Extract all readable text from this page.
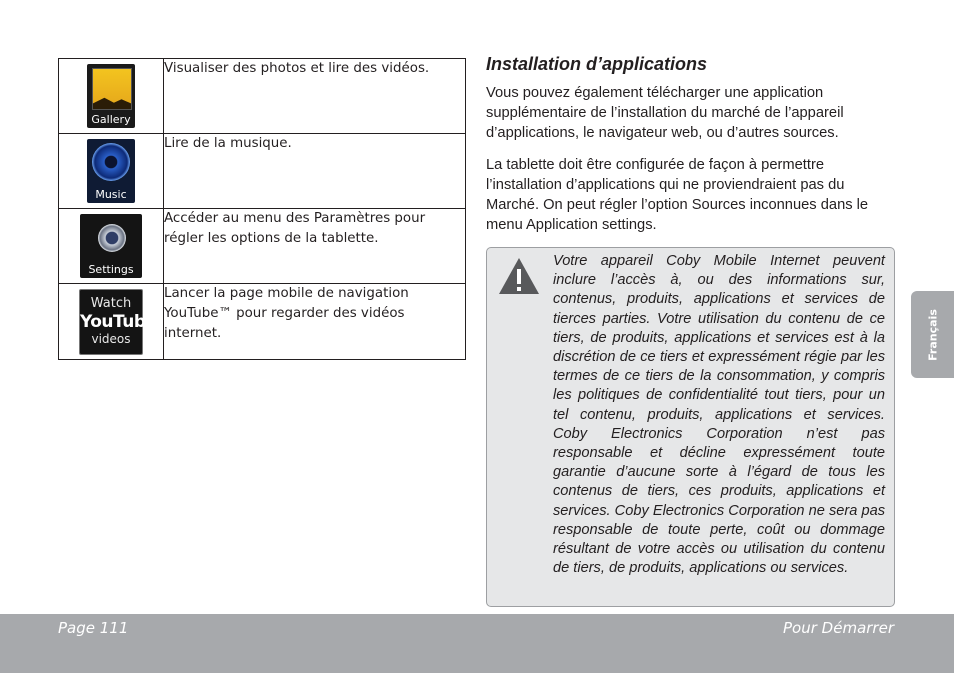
Gallery	Visualiser des photos et lire des vidéos.

Music	Lire de la musique.

Settings	Accéder au menu des Paramètres pour régler les options de la tablette.

Watch
YouTube
videos	Lancer la page mobile de navigation YouTube™ pour regarder des vidéos internet.
Installation d’applications

Vous pouvez également télécharger une application supplémentaire de l’installation du marché de l’appareil d’applications, le navigateur web, ou d’autres sources.

La tablette doit être configurée de façon à permettre l’installation d’applications qui ne proviendraient pas du Marché. On peut régler l’option Sources inconnues dans le menu Application settings.

Votre appareil Coby Mobile Internet peuvent inclure l’accès à, ou des informations sur, contenus, produits, applications et services de tierces parties. Votre utilisation du contenu de ce tiers, de produits, applications et services est à la discrétion de ce tiers et expressément régie par les termes de ce tiers de la consommation, y compris les politiques de confidentialité tout tiers, pour un tel contenu, produits, applications et services. Coby Electronics Corporation n’est pas responsable et décline expressément toute garantie d’aucune sorte à l’égard de tous les contenus de tiers, ces produits, applications et services. Coby Electronics Corporation ne sera pas responsable de toute perte, coût ou dommage résultant de votre accès ou utilisation du contenu de tiers, de produits, applications ou services.

Français
Page 111	Pour Démarrer
